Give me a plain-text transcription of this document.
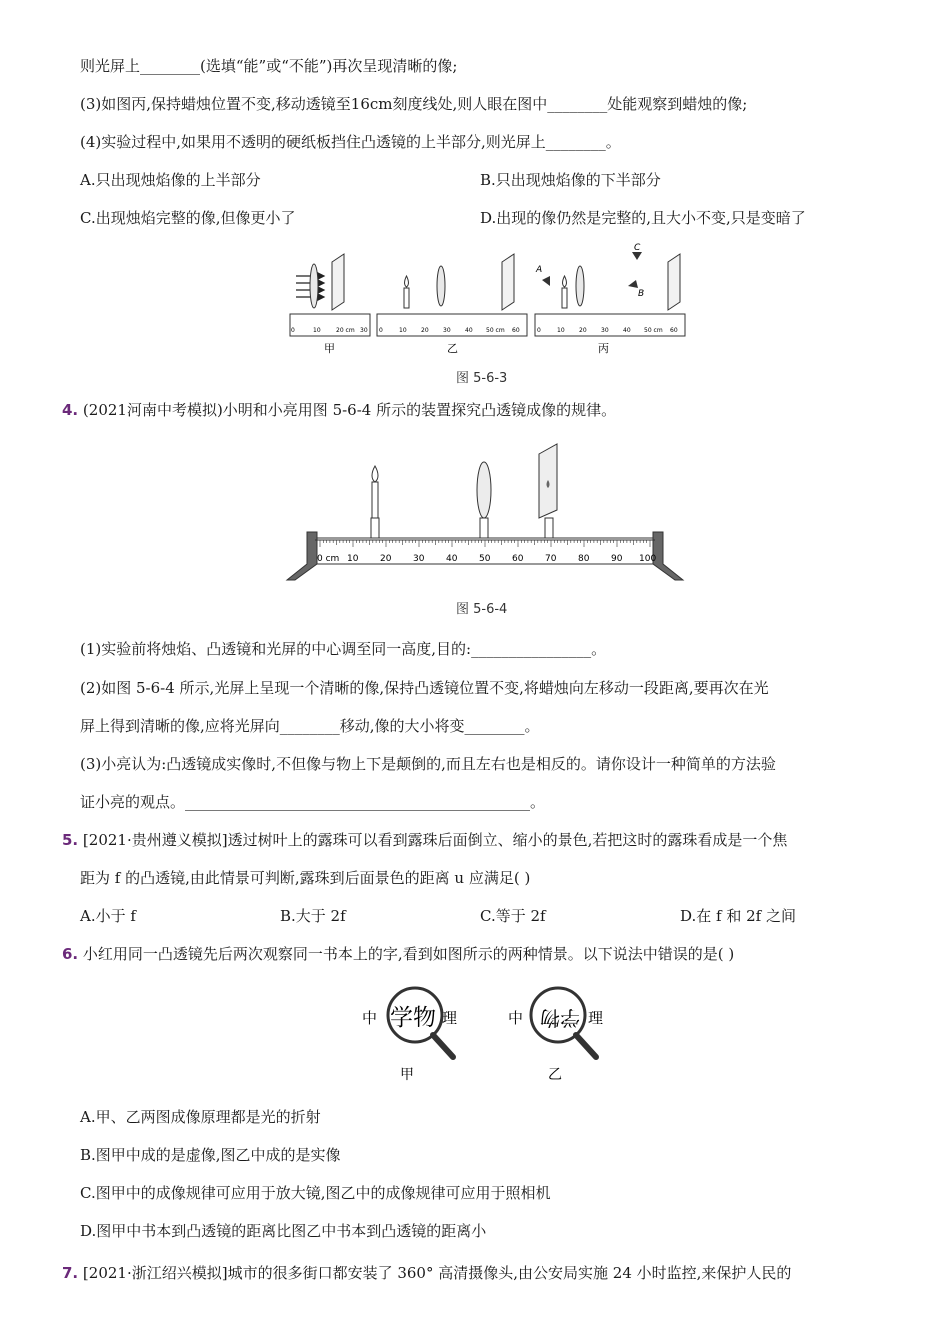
则光屏上________(选填“能”或“不能”)再次呈现清晰的像;
(3)如图丙,保持蜡烛位置不变,移动透镜至16cm刻度线处,则人眼在图中________处能观察到蜡烛的像;
(4)实验过程中,如果用不透明的硬纸板挡住凸透镜的上半部分,则光屏上________。
A.只出现烛焰像的上半部分	B.只出现烛焰像的下半部分
C.出现烛焰完整的像,但像更小了	D.出现的像仍然是完整的,且大小不变,只是变暗了
0	10	20 cm 30
甲
0	10 20 30 40 50 cm 60
乙
A
C
B
0	10 20 30 40 50 cm 60
丙
图 5-6-3
4. (2021河南中考模拟)小明和小亮用图 5-6-4 所示的装置探究凸透镜成像的规律。
0 cm 10 20 30 40 50 60 70 80 90 100
图 5-6-4
(1)实验前将烛焰、凸透镜和光屏的中心调至同一高度,目的:________________。
(2)如图 5-6-4 所示,光屏上呈现一个清晰的像,保持凸透镜位置不变,将蜡烛向左移动一段距离,要再次在光
屏上得到清晰的像,应将光屏向________移动,像的大小将变________。
(3)小亮认为:凸透镜成实像时,不但像与物上下是颠倒的,而且左右也是相反的。请你设计一种简单的方法验
证小亮的观点。______________________________________________。
5. [2021·贵州遵义模拟]透过树叶上的露珠可以看到露珠后面倒立、缩小的景色,若把这时的露珠看成是一个焦
距为 f 的凸透镜,由此情景可判断,露珠到后面景色的距离 u 应满足( )
A.小于 f	B.大于 2f	C.等于 2f	D.在 f 和 2f 之间
6. 小红用同一凸透镜先后两次观察同一书本上的字,看到如图所示的两种情景。以下说法中错误的是( )
中 学物 理
甲
中 学物 理
乙
A.甲、乙两图成像原理都是光的折射
B.图甲中成的是虚像,图乙中成的是实像
C.图甲中的成像规律可应用于放大镜,图乙中的成像规律可应用于照相机
D.图甲中书本到凸透镜的距离比图乙中书本到凸透镜的距离小
7. [2021·浙江绍兴模拟]城市的很多街口都安装了 360° 高清摄像头,由公安局实施 24 小时监控,来保护人民的
